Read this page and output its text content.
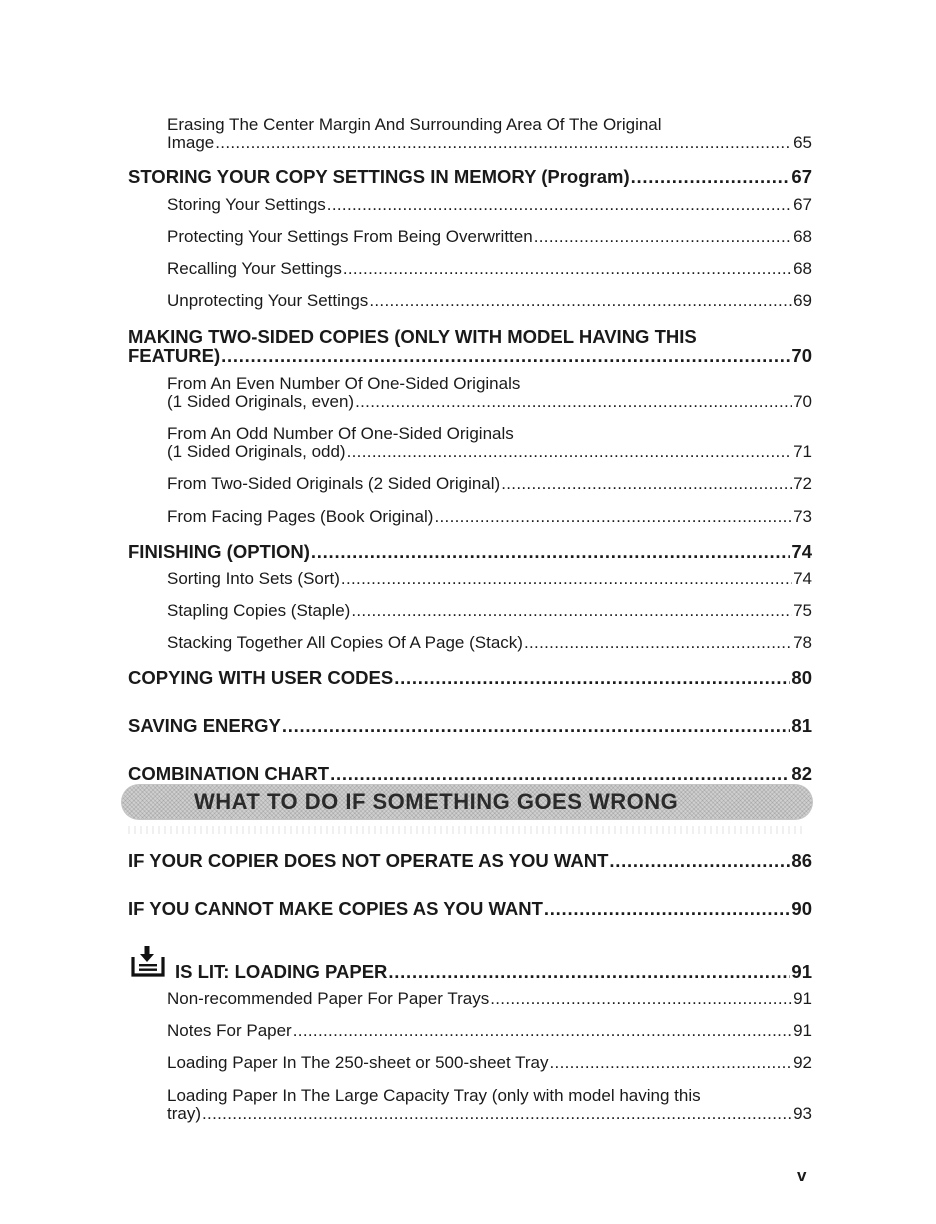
Erasing The Center Margin And Surrounding Area Of The Original
Image . . .	65
STORING YOUR COPY SETTINGS IN MEMORY (Program) . . .	67
Storing Your Settings . . .	67
Protecting Your Settings From Being Overwritten . . .	68
Recalling Your Settings . . .	68
Unprotecting Your Settings . . .	69
MAKING TWO-SIDED COPIES (ONLY WITH MODEL HAVING THIS
FEATURE) . . .	70
From An Even Number Of One-Sided Originals
(1 Sided Originals, even) . . .	70
From An Odd Number Of One-Sided Originals
(1 Sided Originals, odd) . . .	71
From Two-Sided Originals (2 Sided Original) . . .	72
From Facing Pages (Book Original) . . .	73
FINISHING (OPTION) . . .	74
Sorting Into Sets (Sort) . . .	74
Stapling Copies (Staple) . . .	75
Stacking Together All Copies Of A Page (Stack) . . .	78
COPYING WITH USER CODES . . .	80
SAVING ENERGY . . .	81
COMBINATION CHART . . .	82
WHAT TO DO IF SOMETHING GOES WRONG
IF YOUR COPIER DOES NOT OPERATE AS YOU WANT . . .	86
IF YOU CANNOT MAKE COPIES AS YOU WANT . . .	90
IS LIT: LOADING PAPER . . .	91
Non-recommended Paper For Paper Trays . . .	91
Notes For Paper . . .	91
Loading Paper In The 250-sheet or 500-sheet Tray . . .	92
Loading Paper In The Large Capacity Tray (only with model having this
tray) . . .	93
v
